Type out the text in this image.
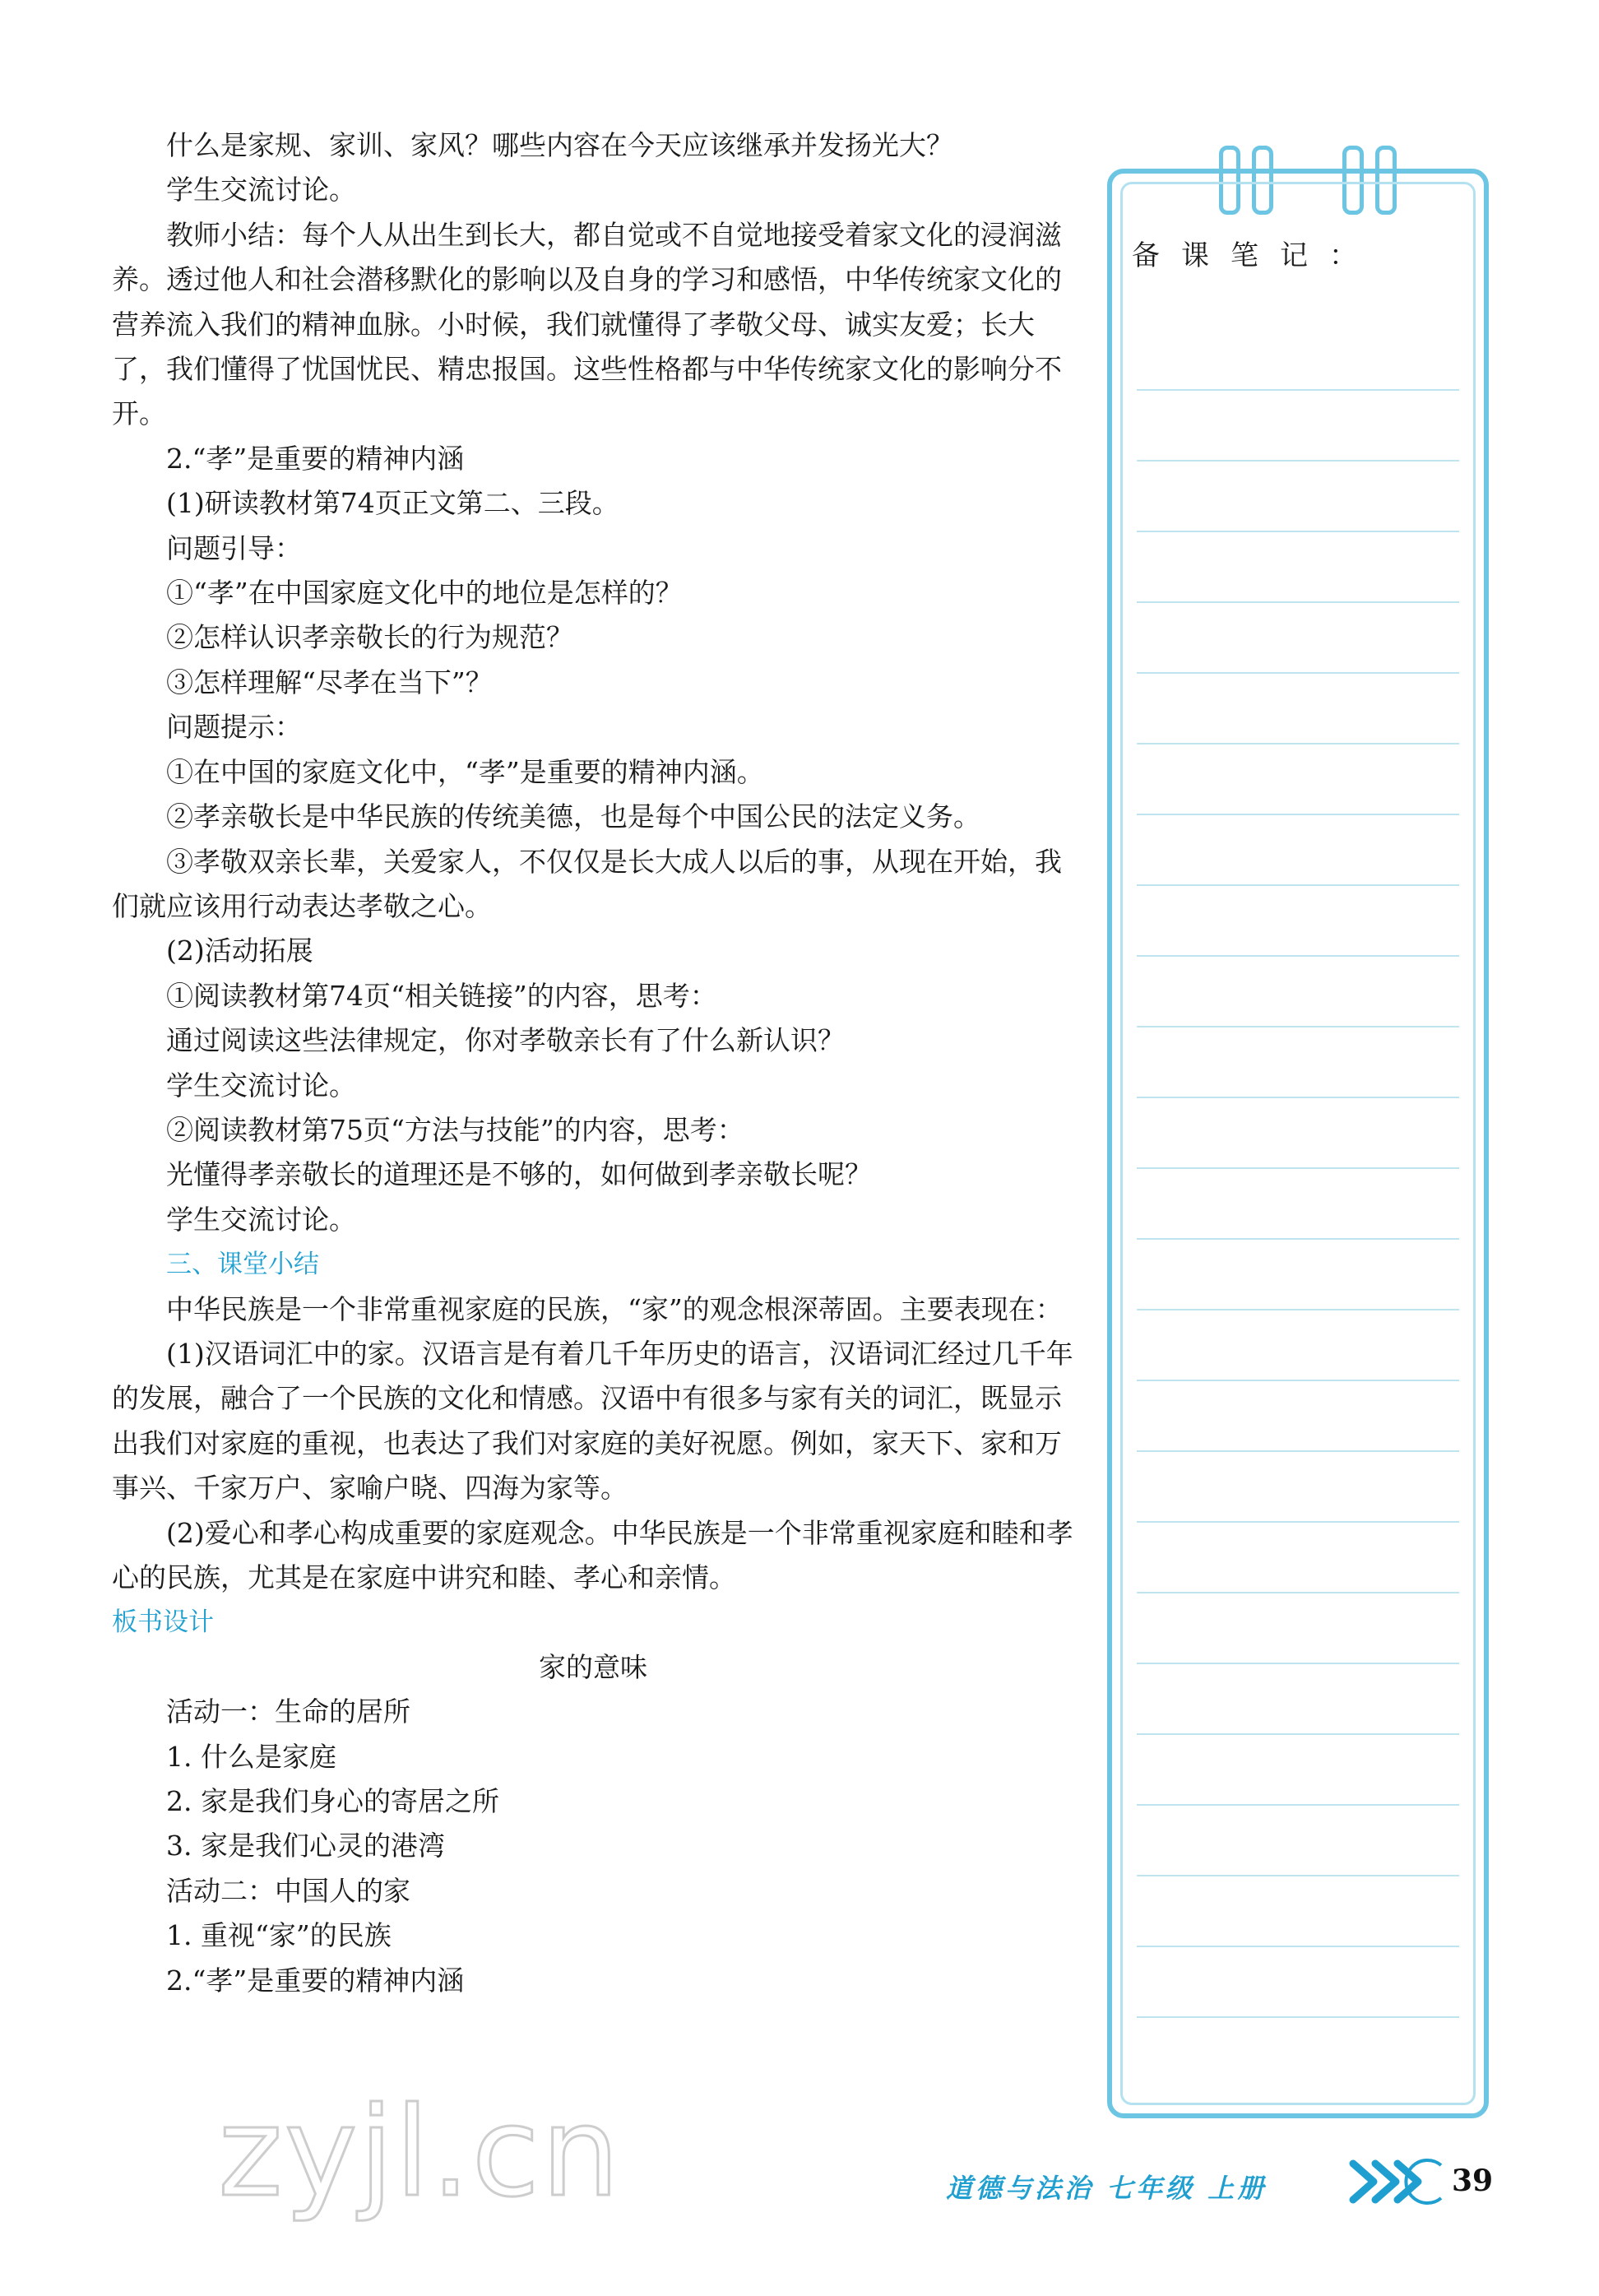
什么是家规、家训、家风？哪些内容在今天应该继承并发扬光大？

学生交流讨论。

教师小结：每个人从出生到长大，都自觉或不自觉地接受着家文化的浸润滋养。透过他人和社会潜移默化的影响以及自身的学习和感悟，中华传统家文化的营养流入我们的精神血脉。小时候，我们就懂得了孝敬父母、诚实友爱；长大了，我们懂得了忧国忧民、精忠报国。这些性格都与中华传统家文化的影响分不开。

2.“孝”是重要的精神内涵

(1)研读教材第74页正文第二、三段。

问题引导：

①“孝”在中国家庭文化中的地位是怎样的？

②怎样认识孝亲敬长的行为规范？

③怎样理解“尽孝在当下”？

问题提示：

①在中国的家庭文化中，“孝”是重要的精神内涵。

②孝亲敬长是中华民族的传统美德，也是每个中国公民的法定义务。

③孝敬双亲长辈，关爱家人，不仅仅是长大成人以后的事，从现在开始，我们就应该用行动表达孝敬之心。

(2)活动拓展

①阅读教材第74页“相关链接”的内容，思考：

通过阅读这些法律规定，你对孝敬亲长有了什么新认识？

学生交流讨论。

②阅读教材第75页“方法与技能”的内容，思考：

光懂得孝亲敬长的道理还是不够的，如何做到孝亲敬长呢？

学生交流讨论。

三、课堂小结

中华民族是一个非常重视家庭的民族，“家”的观念根深蒂固。主要表现在：

(1)汉语词汇中的家。汉语言是有着几千年历史的语言，汉语词汇经过几千年的发展，融合了一个民族的文化和情感。汉语中有很多与家有关的词汇，既显示出我们对家庭的重视，也表达了我们对家庭的美好祝愿。例如，家天下、家和万事兴、千家万户、家喻户晓、四海为家等。

(2)爱心和孝心构成重要的家庭观念。中华民族是一个非常重视家庭和睦和孝心的民族，尤其是在家庭中讲究和睦、孝心和亲情。

板书设计

家的意味

活动一：生命的居所

1. 什么是家庭

2. 家是我们身心的寄居之所

3. 家是我们心灵的港湾

活动二：中国人的家

1. 重视“家”的民族

2.“孝”是重要的精神内涵

备课笔记：
zyjl.cn	道德与法治 七年级 上册	39
